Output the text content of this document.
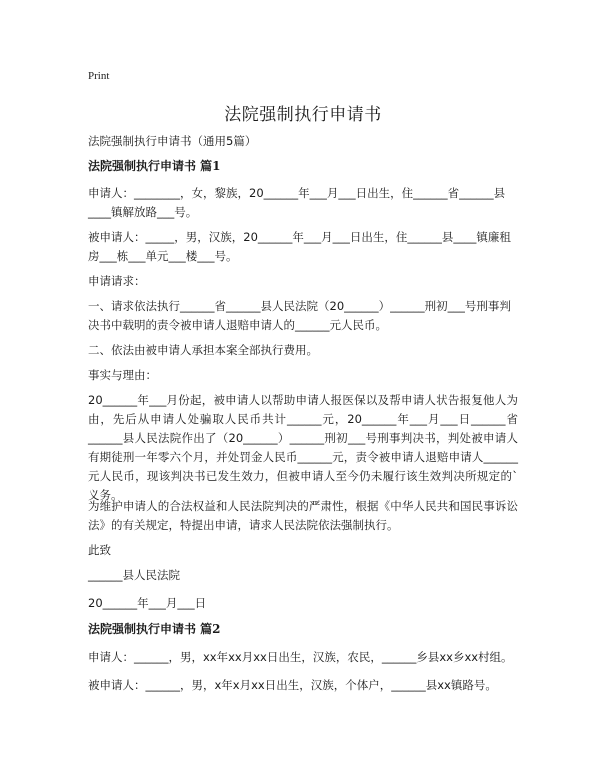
Print
法院强制执行申请书

法院强制执行申请书（通用5篇）

法院强制执行申请书 篇1

申请人：________，女，黎族，20______年___月___日出生，住______省______县____镇解放路___号。

被申请人：_____，男，汉族，20______年___月___日出生，住______县____镇廉租房___栋___单元___楼___号。

申请请求：

一、请求依法执行______省______县人民法院（20______）______刑初___号刑事判决书中载明的责令被申请人退赔申请人的______元人民币。

二、依法由被申请人承担本案全部执行费用。

事实与理由：

20______年___月份起，被申请人以帮助申请人报医保以及帮申请人状告报复他人为由，先后从申请人处骗取人民币共计______元，20______年___月___日______省______县人民法院作出了（20______）______刑初___号刑事判决书，判处被申请人有期徒刑一年零六个月，并处罚金人民币______元，责令被申请人退赔申请人______元人民币，现该判决书已发生效力，但被申请人至今仍未履行该生效判决所规定的`义务。

为维护申请人的合法权益和人民法院判决的严肃性，根据《中华人民共和国民事诉讼法》的有关规定，特提出申请，请求人民法院依法强制执行。

此致

______县人民法院

20______年___月___日

法院强制执行申请书 篇2

申请人：______，男，xx年xx月xx日出生，汉族，农民，______乡县xx乡xx村组。

被申请人：______，男，x年x月xx日出生，汉族，个体户，______县xx镇路号。
